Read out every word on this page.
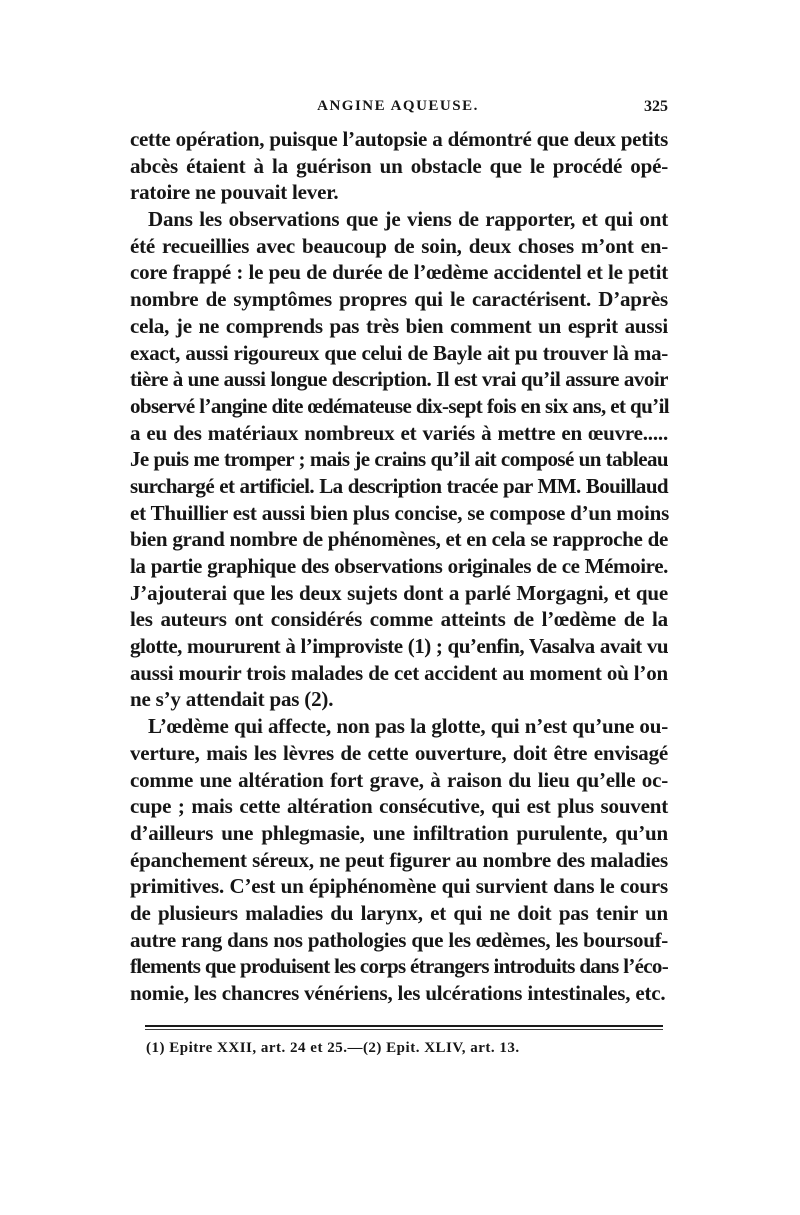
ANGINE AQUEUSE.	325
cette opération, puisque l’autopsie a démontré que deux petits
abcès étaient à la guérison un obstacle que le procédé opé-
ratoire ne pouvait lever.
Dans les observations que je viens de rapporter, et qui ont
été recueillies avec beaucoup de soin, deux choses m’ont en-
core frappé : le peu de durée de l’œdème accidentel et le petit
nombre de symptômes propres qui le caractérisent. D’après
cela, je ne comprends pas très bien comment un esprit aussi
exact, aussi rigoureux que celui de Bayle ait pu trouver là ma-
tière à une aussi longue description. Il est vrai qu’il assure avoir
observé l’angine dite œdémateuse dix-sept fois en six ans, et qu’il
a eu des matériaux nombreux et variés à mettre en œuvre.....
Je puis me tromper ; mais je crains qu’il ait composé un tableau
surchargé et artificiel. La description tracée par MM. Bouillaud
et Thuillier est aussi bien plus concise, se compose d’un moins
bien grand nombre de phénomènes, et en cela se rapproche de
la partie graphique des observations originales de ce Mémoire.
J’ajouterai que les deux sujets dont a parlé Morgagni, et que
les auteurs ont considérés comme atteints de l’œdème de la
glotte, moururent à l’improviste (1) ; qu’enfin, Vasalva avait vu
aussi mourir trois malades de cet accident au moment où l’on
ne s’y attendait pas (2).
L’œdème qui affecte, non pas la glotte, qui n’est qu’une ou-
verture, mais les lèvres de cette ouverture, doit être envisagé
comme une altération fort grave, à raison du lieu qu’elle oc-
cupe ; mais cette altération consécutive, qui est plus souvent
d’ailleurs une phlegmasie, une infiltration purulente, qu’un
épanchement séreux, ne peut figurer au nombre des maladies
primitives. C’est un épiphénomène qui survient dans le cours
de plusieurs maladies du larynx, et qui ne doit pas tenir un
autre rang dans nos pathologies que les œdèmes, les boursouf-
flements que produisent les corps étrangers introduits dans l’éco-
nomie, les chancres vénériens, les ulcérations intestinales, etc.
(1) Epitre XXII, art. 24 et 25.—(2) Epit. XLIV, art. 13.
